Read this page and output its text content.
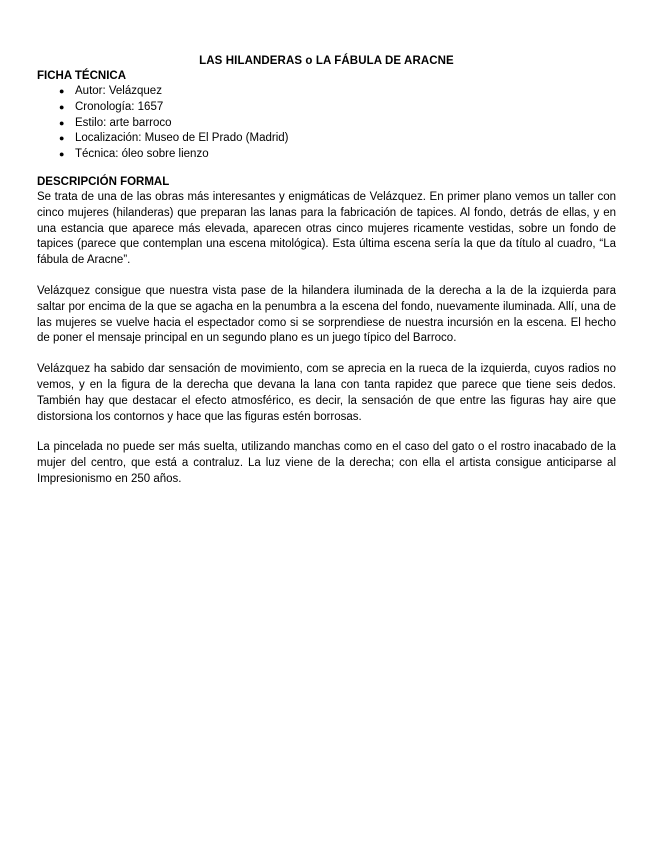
LAS HILANDERAS o LA FÁBULA DE ARACNE
FICHA TÉCNICA
● Autor: Velázquez
● Cronología: 1657
● Estilo: arte barroco
● Localización: Museo de El Prado (Madrid)
● Técnica: óleo sobre lienzo
DESCRIPCIÓN FORMAL

Se trata de una de las obras más interesantes y enigmáticas de Velázquez. En primer plano vemos un taller con cinco mujeres (hilanderas) que preparan las lanas para la fabricación de tapices. Al fondo, detrás de ellas, y en una estancia que aparece más elevada, aparecen otras cinco mujeres ricamente vestidas, sobre un fondo de tapices (parece que contemplan una escena mitológica). Esta última escena sería la que da título al cuadro, “La fábula de Aracne”.

Velázquez consigue que nuestra vista pase de la hilandera iluminada de la derecha a la de la izquierda para saltar por encima de la que se agacha en la penumbra a la escena del fondo, nuevamente iluminada. Allí, una de las mujeres se vuelve hacia el espectador como si se sorprendiese de nuestra incursión en la escena. El hecho de poner el mensaje principal en un segundo plano es un juego típico del Barroco.

Velázquez ha sabido dar sensación de movimiento, com se aprecia en la rueca de la izquierda, cuyos radios no vemos, y en la figura de la derecha que devana la lana con tanta rapidez que parece que tiene seis dedos. También hay que destacar el efecto atmosférico, es decir, la sensación de que entre las figuras hay aire que distorsiona los contornos y hace que las figuras estén borrosas.

La pincelada no puede ser más suelta, utilizando manchas como en el caso del gato o el rostro inacabado de la mujer del centro, que está a contraluz. La luz viene de la derecha; con ella el artista consigue anticiparse al Impresionismo en 250 años.
